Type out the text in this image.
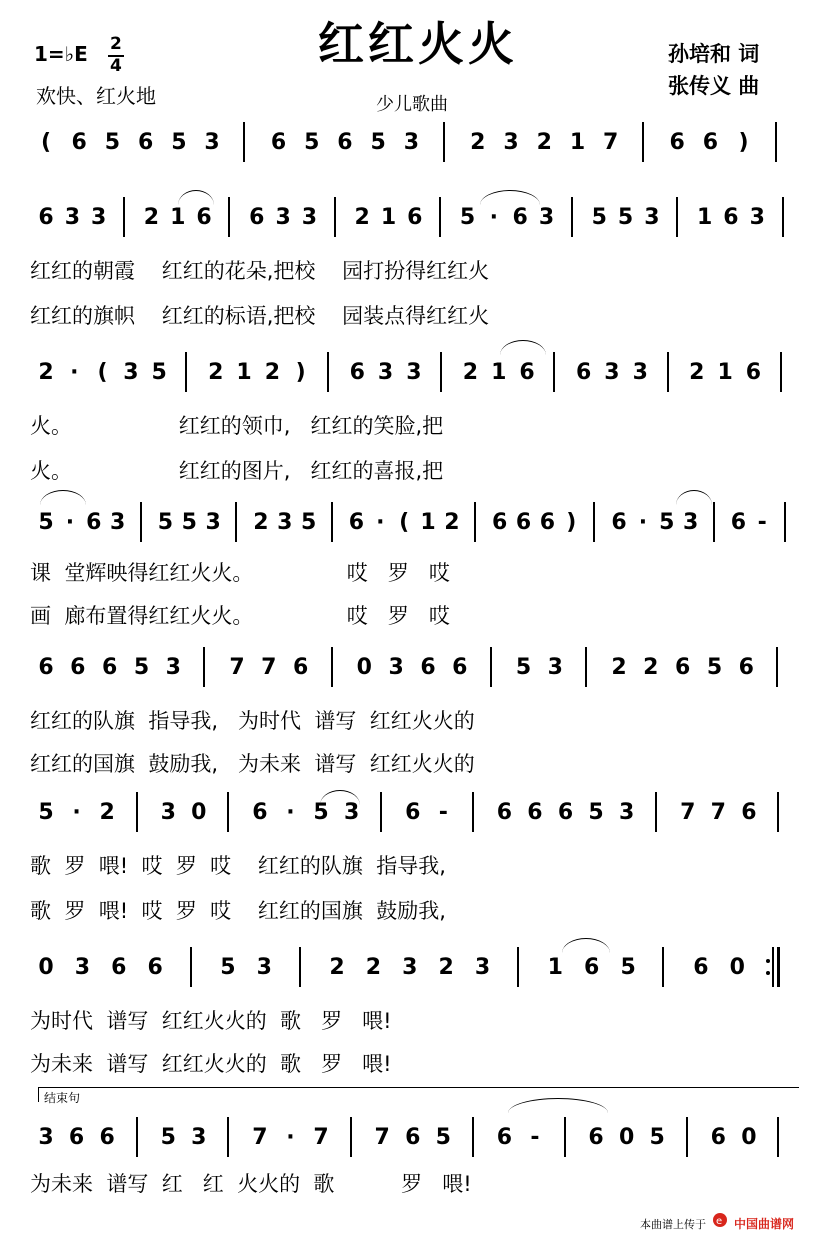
1=♭E 2
4	红红火火	孙培和 词
张传义 曲
欢快、红火地	少儿歌曲
( 6 5 6 5 3 6 5 6 5 3 2 3 2 1 7 6 6 )
6 3 3 2 1 6 6 3 3 2 1 6 5 · 6 3 5 5 3 1 6 3
红红的朝霞    红红的花朵,把校    园打扮得红红火
红红的旗帜    红红的标语,把校    园装点得红红火
2 · ( 3 5 2 1 2 ) 6 3 3 2 1 6 6 3 3 2 1 6
火。                红红的领巾,   红红的笑脸,把
火。                红红的图片,   红红的喜报,把
5 · 6 3 5 5 3 2 3 5 6 · ( 1 2 6 6 6 ) 6 · 5 3 6 -
课  堂辉映得红红火火。              哎   罗   哎
画  廊布置得红红火火。              哎   罗   哎
6 6 6 5 3 7 7 6 0 3 6 6 5 3 2 2 6 5 6
红红的队旗  指导我,   为时代  谱写  红红火火的
红红的国旗  鼓励我,   为未来  谱写  红红火火的
5 · 2 3 0 6 · 5 3 6 - 6 6 6 5 3 7 7 6
歌  罗  喂!  哎  罗  哎    红红的队旗  指导我,
歌  罗  喂!  哎  罗  哎    红红的国旗  鼓励我,
0 3 6 6	5 3	2 2 3 2 3	1 6 5	6 0
为时代  谱写  红红火火的  歌   罗   喂!
为未来  谱写  红红火火的  歌   罗   喂!
3 6 6 5 3 7 · 7 7 6 5 6 - 6 0 5 6 0
为未来  谱写  红   红  火火的  歌          罗   喂!
结束句
本曲谱上传于 e 中国曲谱网
